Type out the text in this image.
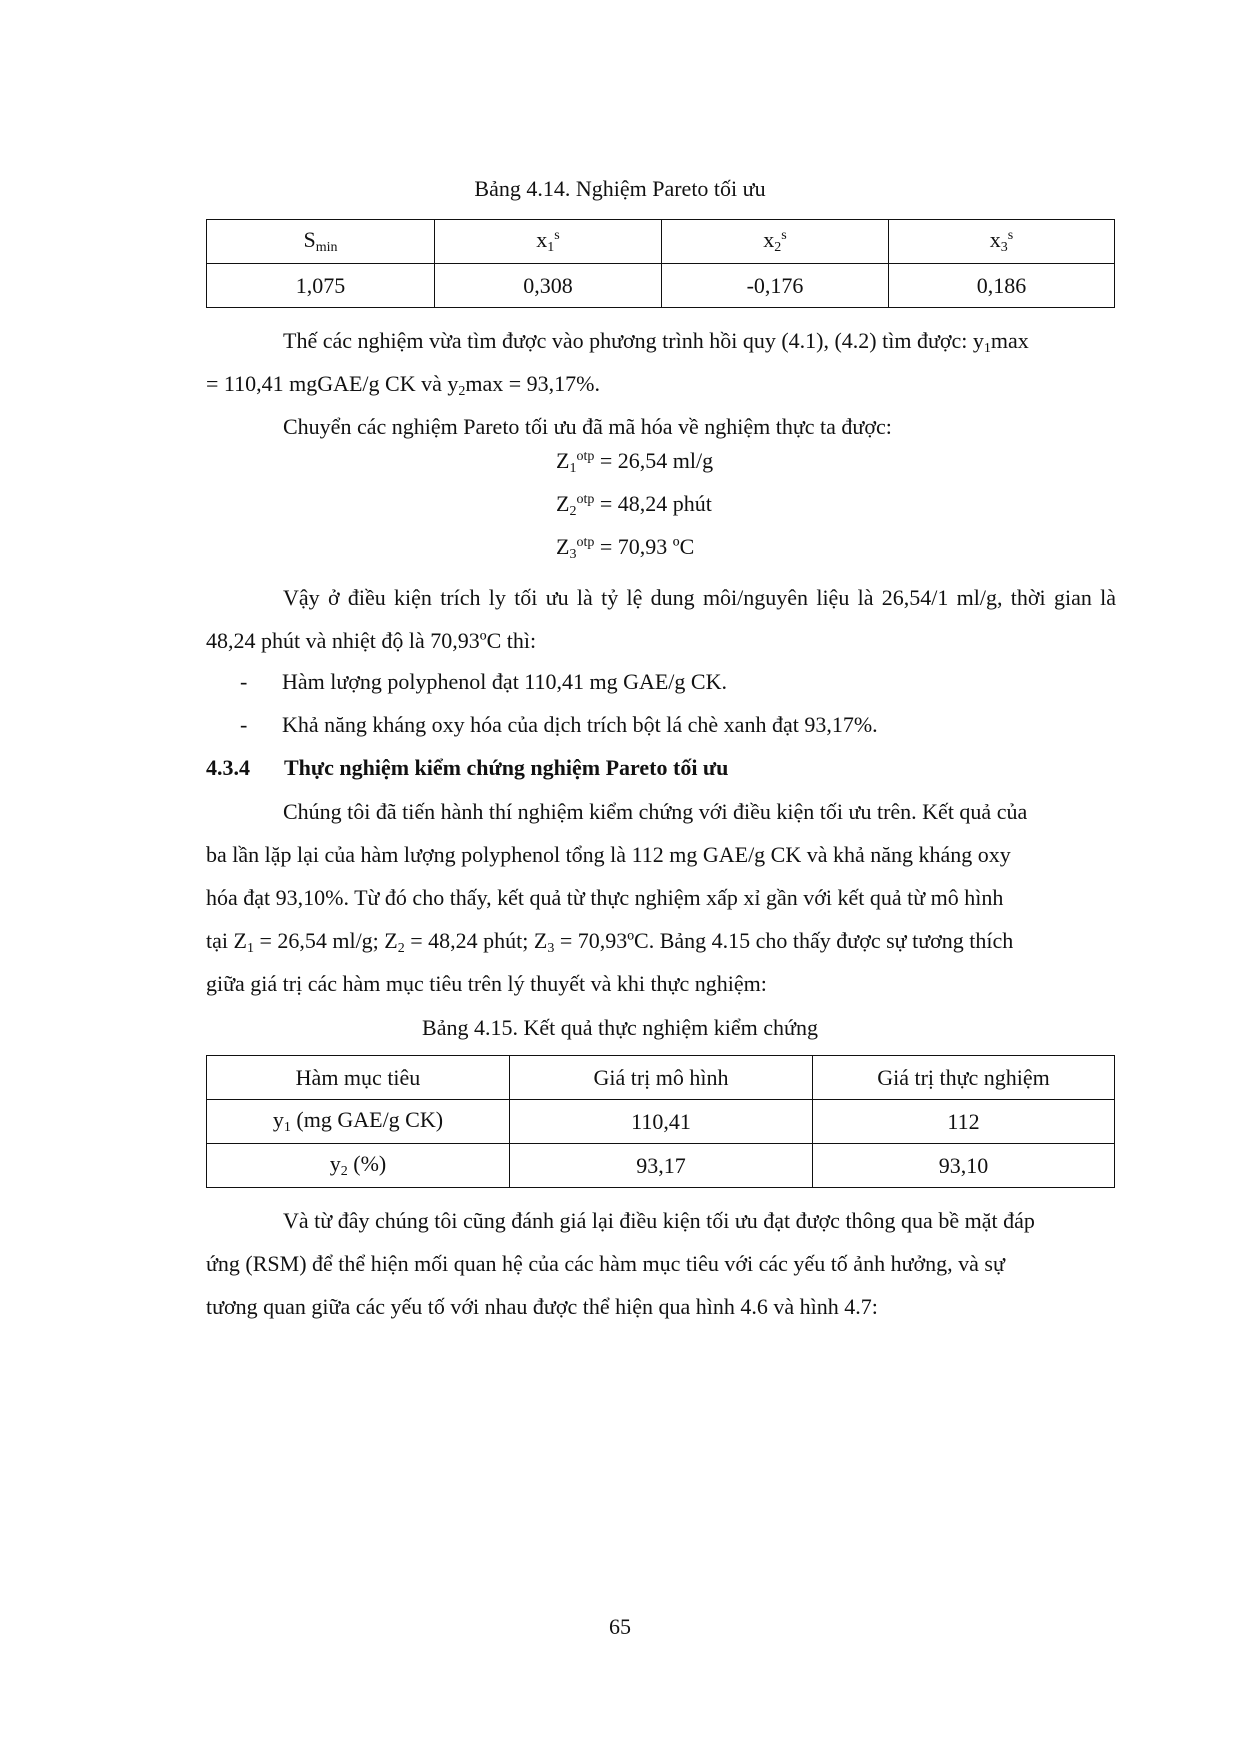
Bảng 4.14. Nghiệm Pareto tối ưu
$S_{min}$	$x_1^s$	$x_2^s$	$x_3^s$
1,075	0,308	-0,176	0,186
Thế các nghiệm vừa tìm được vào phương trình hồi quy (4.1), (4.2) tìm được: $y_1\max$
= 110,41 mgGAE/g CK và $y_2\max = 93,17\%$.
Chuyển các nghiệm Pareto tối ưu đã mã hóa về nghiệm thực ta được:
$Z_1^{otp} = 26,54$ ml/g
$Z_2^{otp} = 48,24$ phút
$Z_3^{otp} = 70,93$ ºC
Vậy ở điều kiện trích ly tối ưu là tỷ lệ dung môi/nguyên liệu là 26,54/1 ml/g, thời gian là 48,24 phút và nhiệt độ là 70,93ºC thì:
- Hàm lượng polyphenol đạt 110,41 mg GAE/g CK.
- Khả năng kháng oxy hóa của dịch trích bột lá chè xanh đạt 93,17%.
4.3.4 Thực nghiệm kiểm chứng nghiệm Pareto tối ưu
Chúng tôi đã tiến hành thí nghiệm kiểm chứng với điều kiện tối ưu trên. Kết quả của
ba lần lặp lại của hàm lượng polyphenol tổng là 112 mg GAE/g CK và khả năng kháng oxy
hóa đạt 93,10%. Từ đó cho thấy, kết quả từ thực nghiệm xấp xỉ gần với kết quả từ mô hình
tại $Z_1 = 26,54$ ml/g; $Z_2 = 48,24$ phút; $Z_3$ = 70,93ºC. Bảng 4.15 cho thấy được sự tương thích
giữa giá trị các hàm mục tiêu trên lý thuyết và khi thực nghiệm:
Bảng 4.15. Kết quả thực nghiệm kiểm chứng
Hàm mục tiêu	Giá trị mô hình	Giá trị thực nghiệm
$y_1$ (mg GAE/g CK)	110,41	112
$y_2$ (%)	93,17	93,10
Và từ đây chúng tôi cũng đánh giá lại điều kiện tối ưu đạt được thông qua bề mặt đáp
ứng (RSM) để thể hiện mối quan hệ của các hàm mục tiêu với các yếu tố ảnh hưởng, và sự
tương quan giữa các yếu tố với nhau được thể hiện qua hình 4.6 và hình 4.7:
65
